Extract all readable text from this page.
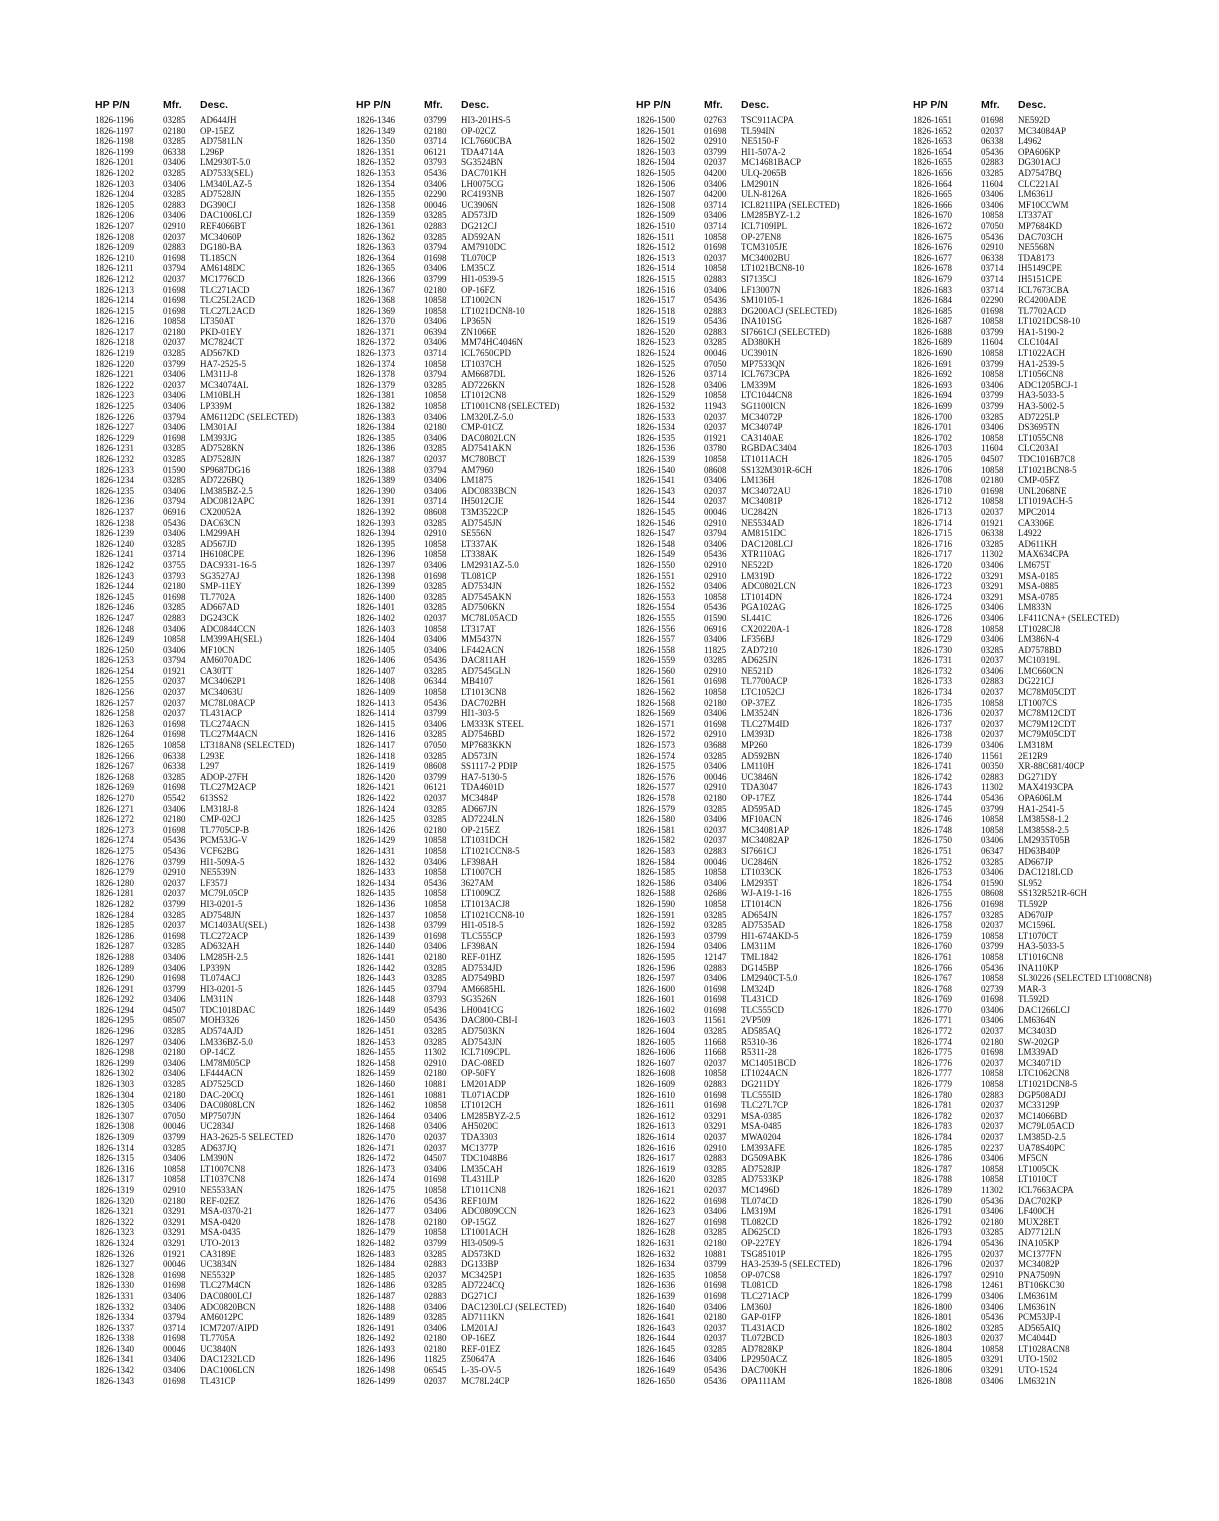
HP P/N	Mfr.	Desc.
1826-1196	03285	AD644JH
1826-1197	02180	OP-15EZ
1826-1198	03285	AD7581LN
1826-1199	06338	L296P
1826-1201	03406	LM2930T-5.0
1826-1202	03285	AD7533(SEL)
1826-1203	03406	LM340LAZ-5
1826-1204	03285	AD7528JN
1826-1205	02883	DG390CJ
1826-1206	03406	DAC1006LCJ
1826-1207	02910	REF4066BT
1826-1208	02037	MC34060P
1826-1209	02883	DG180-BA
1826-1210	01698	TL185CN
1826-1211	03794	AM6148DC
1826-1212	02037	MC1776CD
1826-1213	01698	TLC271ACD
1826-1214	01698	TLC25L2ACD
1826-1215	01698	TLC27L2ACD
1826-1216	10858	LT350AT
1826-1217	02180	PKD-01EY
1826-1218	02037	MC7824CT
1826-1219	03285	AD567KD
1826-1220	03799	HA7-2525-5
1826-1221	03406	LM311J-8
1826-1222	02037	MC34074AL
1826-1223	03406	LM10BLH
1826-1225	03406	LP339M
1826-1226	03794	AM6112DC (SELECTED)
1826-1227	03406	LM301AJ
1826-1229	01698	LM393JG
1826-1231	03285	AD7528KN
1826-1232	03285	AD7528JN
1826-1233	01590	SP9687DG16
1826-1234	03285	AD7226BQ
1826-1235	03406	LM385BZ-2.5
1826-1236	03794	ADC0812APC
1826-1237	06916	CX20052A
1826-1238	05436	DAC63CN
1826-1239	03406	LM299AH
1826-1240	03285	AD567JD
1826-1241	03714	IH6108CPE
1826-1242	03755	DAC9331-16-5
1826-1243	03793	SG3527AJ
1826-1244	02180	SMP-11EY
1826-1245	01698	TL7702A
1826-1246	03285	AD667AD
1826-1247	02883	DG243CK
1826-1248	03406	ADC0844CCN
1826-1249	10858	LM399AH(SEL)
1826-1250	03406	MF10CN
1826-1253	03794	AM6070ADC
1826-1254	01921	CA30TT
1826-1255	02037	MC34062P1
1826-1256	02037	MC34063U
1826-1257	02037	MC78L08ACP
1826-1258	02037	TL431ACP
1826-1263	01698	TLC274ACN
1826-1264	01698	TLC27M4ACN
1826-1265	10858	LT318AN8 (SELECTED)
1826-1266	06338	L293E
1826-1267	06338	L297
1826-1268	03285	ADOP-27FH
1826-1269	01698	TLC27M2ACP
1826-1270	05542	613SS2
1826-1271	03406	LM318J-8
1826-1272	02180	CMP-02CJ
1826-1273	01698	TL7705CP-B
1826-1274	05436	PCM53JG-V
1826-1275	05436	VCF62BG
1826-1276	03799	HI1-509A-5
1826-1279	02910	NE5539N
1826-1280	02037	LF357J
1826-1281	02037	MC79L05CP
1826-1282	03799	HI3-0201-5
1826-1284	03285	AD7548JN
1826-1285	02037	MC1403AU(SEL)
1826-1286	01698	TLC272ACP
1826-1287	03285	AD632AH
1826-1288	03406	LM285H-2.5
1826-1289	03406	LP339N
1826-1290	01698	TL074ACJ
1826-1291	03799	HI3-0201-5
1826-1292	03406	LM311N
1826-1294	04507	TDC1018DAC
1826-1295	08507	MOH3326
1826-1296	03285	AD574AJD
1826-1297	03406	LM336BZ-5.0
1826-1298	02180	OP-14CZ
1826-1299	03406	LM78M05CP
1826-1302	03406	LF444ACN
1826-1303	03285	AD7525CD
1826-1304	02180	DAC-20CQ
1826-1305	03406	DAC0808LCN
1826-1307	07050	MP7507JN
1826-1308	00046	UC2834J
1826-1309	03799	HA3-2625-5 SELECTED
1826-1314	03285	AD637JQ
1826-1315	03406	LM390N
1826-1316	10858	LT1007CN8
1826-1317	10858	LT1037CN8
1826-1319	02910	NE5533AN
1826-1320	02180	REF-02EZ
1826-1321	03291	MSA-0370-21
1826-1322	03291	MSA-0420
1826-1323	03291	MSA-0435
1826-1324	03291	UTO-2013
1826-1326	01921	CA3189E
1826-1327	00046	UC3834N
1826-1328	01698	NE5532P
1826-1330	01698	TLC27M4CN
1826-1331	03406	DAC0800LCJ
1826-1332	03406	ADC0820BCN
1826-1334	03794	AM6012PC
1826-1337	03714	ICM7207/AIPD
1826-1338	01698	TL7705A
1826-1340	00046	UC3840N
1826-1341	03406	DAC1232LCD
1826-1342	03406	DAC1006LCN
1826-1343	01698	TL431CP
HP P/N	Mfr.	Desc.
1826-1346	03799	HI3-201HS-5
1826-1349	02180	OP-02CZ
1826-1350	03714	ICL7660CBA
1826-1351	06121	TDA4714A
1826-1352	03793	SG3524BN
1826-1353	05436	DAC701KH
1826-1354	03406	LH0075CG
1826-1355	02290	RC4193NB
1826-1358	00046	UC3906N
1826-1359	03285	AD573JD
1826-1361	02883	DG212CJ
1826-1362	03285	AD592AN
1826-1363	03794	AM7910DC
1826-1364	01698	TL070CP
1826-1365	03406	LM35CZ
1826-1366	03799	HI1-0539-5
1826-1367	02180	OP-16FZ
1826-1368	10858	LT1002CN
1826-1369	10858	LT1021DCN8-10
1826-1370	03406	LP365N
1826-1371	06394	ZN1066E
1826-1372	03406	MM74HC4046N
1826-1373	03714	ICL7650CPD
1826-1374	10858	LT1037CH
1826-1378	03794	AM6687DL
1826-1379	03285	AD7226KN
1826-1381	10858	LT1012CN8
1826-1382	10858	LT1001CN8 (SELECTED)
1826-1383	03406	LM320LZ-5.0
1826-1384	02180	CMP-01CZ
1826-1385	03406	DAC0802LCN
1826-1386	03285	AD7541AKN
1826-1387	02037	MC780BCT
1826-1388	03794	AM7960
1826-1389	03406	LM1875
1826-1390	03406	ADC0833BCN
1826-1391	03714	IH5012CJE
1826-1392	08608	T3M3522CP
1826-1393	03285	AD7545JN
1826-1394	02910	SE556N
1826-1395	10858	LT337AK
1826-1396	10858	LT338AK
1826-1397	03406	LM2931AZ-5.0
1826-1398	01698	TL081CP
1826-1399	03285	AD7534JN
1826-1400	03285	AD7545AKN
1826-1401	03285	AD7506KN
1826-1402	02037	MC78L05ACD
1826-1403	10858	LT317AT
1826-1404	03406	MM5437N
1826-1405	03406	LF442ACN
1826-1406	05436	DAC811AH
1826-1407	03285	AD7545GLN
1826-1408	06344	MB4107
1826-1409	10858	LT1013CN8
1826-1413	05436	DAC702BH
1826-1414	03799	HI1-303-5
1826-1415	03406	LM333K STEEL
1826-1416	03285	AD7546BD
1826-1417	07050	MP7683KKN
1826-1418	03285	AD573JN
1826-1419	08608	SS1117-2 PDIP
1826-1420	03799	HA7-5130-5
1826-1421	06121	TDA4601D
1826-1422	02037	MC3484P
1826-1424	03285	AD667JN
1826-1425	03285	AD7224LN
1826-1426	02180	OP-215EZ
1826-1429	10858	LT1031DCH
1826-1431	10858	LT1021CCN8-5
1826-1432	03406	LF398AH
1826-1433	10858	LT1007CH
1826-1434	05436	3627AM
1826-1435	10858	LT1009CZ
1826-1436	10858	LT1013ACJ8
1826-1437	10858	LT1021CCN8-10
1826-1438	03799	HI1-0518-5
1826-1439	01698	TLC555CP
1826-1440	03406	LF398AN
1826-1441	02180	REF-01HZ
1826-1442	03285	AD7534JD
1826-1443	03285	AD7549BD
1826-1445	03794	AM6685HL
1826-1448	03793	SG3526N
1826-1449	05436	LH0041CG
1826-1450	05436	DAC800-CBI-I
1826-1451	03285	AD7503KN
1826-1453	03285	AD7543JN
1826-1455	11302	ICL7109CPL
1826-1458	02910	DAC-08ED
1826-1459	02180	OP-50FY
1826-1460	10881	LM201ADP
1826-1461	10881	TL071ACDP
1826-1462	10858	LT1012CH
1826-1464	03406	LM285BYZ-2.5
1826-1468	03406	AH5020C
1826-1470	02037	TDA3303
1826-1471	02037	MC1377P
1826-1472	04507	TDC1048B6
1826-1473	03406	LM35CAH
1826-1474	01698	TL431ILP
1826-1475	10858	LT1011CN8
1826-1476	05436	REF10JM
1826-1477	03406	ADC0809CCN
1826-1478	02180	OP-15GZ
1826-1479	10858	LT1001ACH
1826-1482	03799	HI3-0509-5
1826-1483	03285	AD573KD
1826-1484	02883	DG133BP
1826-1485	02037	MC3425P1
1826-1486	03285	AD7224CQ
1826-1487	02883	DG271CJ
1826-1488	03406	DAC1230LCJ (SELECTED)
1826-1489	03285	AD7111KN
1826-1491	03406	LM201AJ
1826-1492	02180	OP-16EZ
1826-1493	02180	REF-01EZ
1826-1496	11825	Z50647A
1826-1498	06545	L-35-OV-5
1826-1499	02037	MC78L24CP
HP P/N	Mfr.	Desc.
1826-1500	02763	TSC911ACPA
1826-1501	01698	TL594IN
1826-1502	02910	NE5150-F
1826-1503	03799	HI1-507A-2
1826-1504	02037	MC14681BACP
1826-1505	04200	ULQ-2065B
1826-1506	03406	LM2901N
1826-1507	04200	ULN-8126A
1826-1508	03714	ICL8211IPA (SELECTED)
1826-1509	03406	LM285BYZ-1.2
1826-1510	03714	ICL7109IPL
1826-1511	10858	OP-27EN8
1826-1512	01698	TCM3105JE
1826-1513	02037	MC34002BU
1826-1514	10858	LT1021BCN8-10
1826-1515	02883	SI7135CJ
1826-1516	03406	LF13007N
1826-1517	05436	SM10105-1
1826-1518	02883	DG200ACJ (SELECTED)
1826-1519	05436	INA101SG
1826-1520	02883	SI7661CJ (SELECTED)
1826-1523	03285	AD380KH
1826-1524	00046	UC3901N
1826-1525	07050	MP7533QN
1826-1526	03714	ICL7673CPA
1826-1528	03406	LM339M
1826-1529	10858	LTC1044CN8
1826-1532	11943	SG1100ICN
1826-1533	02037	MC34072P
1826-1534	02037	MC34074P
1826-1535	01921	CA3140AE
1826-1536	03780	RGBDAC3404
1826-1539	10858	LT1011ACH
1826-1540	08608	SS132M301R-6CH
1826-1541	03406	LM136H
1826-1543	02037	MC34072AU
1826-1544	02037	MC34081P
1826-1545	00046	UC2842N
1826-1546	02910	NE5534AD
1826-1547	03794	AM8151DC
1826-1548	03406	DAC1208LCJ
1826-1549	05436	XTR110AG
1826-1550	02910	NE522D
1826-1551	02910	LM319D
1826-1552	03406	ADC0802LCN
1826-1553	10858	LT1014DN
1826-1554	05436	PGA102AG
1826-1555	01590	SL441C
1826-1556	06916	CX20220A-1
1826-1557	03406	LF356BJ
1826-1558	11825	ZAD7210
1826-1559	03285	AD625JN
1826-1560	02910	NE521D
1826-1561	01698	TL7700ACP
1826-1562	10858	LTC1052CJ
1826-1568	02180	OP-37EZ
1826-1569	03406	LM3524N
1826-1571	01698	TLC27M4ID
1826-1572	02910	LM393D
1826-1573	03688	MP260
1826-1574	03285	AD592BN
1826-1575	03406	LM110H
1826-1576	00046	UC3846N
1826-1577	02910	TDA3047
1826-1578	02180	OP-17EZ
1826-1579	03285	AD595AD
1826-1580	03406	MF10ACN
1826-1581	02037	MC34081AP
1826-1582	02037	MC34082AP
1826-1583	02883	SI7661CJ
1826-1584	00046	UC2846N
1826-1585	10858	LT1033CK
1826-1586	03406	LM2935T
1826-1588	02686	WJ-A19-1-16
1826-1590	10858	LT1014CN
1826-1591	03285	AD654JN
1826-1592	03285	AD7535AD
1826-1593	03799	HI1-674AKD-5
1826-1594	03406	LM311M
1826-1595	12147	TML1842
1826-1596	02883	DG145BP
1826-1597	03406	LM2940CT-5.0
1826-1600	01698	LM324D
1826-1601	01698	TL431CD
1826-1602	01698	TLC555CD
1826-1603	11561	2VP509
1826-1604	03285	AD585AQ
1826-1605	11668	R5310-36
1826-1606	11668	R5311-28
1826-1607	02037	MC14051BCD
1826-1608	10858	LT1024ACN
1826-1609	02883	DG211DY
1826-1610	01698	TLC555ID
1826-1611	01698	TLC27L7CP
1826-1612	03291	MSA-0385
1826-1613	03291	MSA-0485
1826-1614	02037	MWA0204
1826-1616	02910	LM393AFE
1826-1617	02883	DG509ABK
1826-1619	03285	AD7528JP
1826-1620	03285	AD7533KP
1826-1621	02037	MC1496D
1826-1622	01698	TL074CD
1826-1623	03406	LM319M
1826-1627	01698	TL082CD
1826-1628	03285	AD625CD
1826-1631	02180	OP-227EY
1826-1632	10881	TSG85101P
1826-1634	03799	HA3-2539-5 (SELECTED)
1826-1635	10858	OP-07CS8
1826-1636	01698	TL081CD
1826-1639	01698	TLC271ACP
1826-1640	03406	LM360J
1826-1641	02180	GAP-01FP
1826-1643	02037	TL431ACD
1826-1644	02037	TL072BCD
1826-1645	03285	AD7828KP
1826-1646	03406	LP2950ACZ
1826-1649	05436	DAC700KH
1826-1650	05436	OPA111AM
HP P/N	Mfr.	Desc.
1826-1651	01698	NE592D
1826-1652	02037	MC34084AP
1826-1653	06338	L4962
1826-1654	05436	OPA606KP
1826-1655	02883	DG301ACJ
1826-1656	03285	AD7547BQ
1826-1664	11604	CLC221AI
1826-1665	03406	LM6361J
1826-1666	03406	MF10CCWM
1826-1670	10858	LT337AT
1826-1672	07050	MP7684KD
1826-1675	05436	DAC703CH
1826-1676	02910	NE5568N
1826-1677	06338	TDA8173
1826-1678	03714	IH5149CPE
1826-1679	03714	IH5151CPE
1826-1683	03714	ICL7673CBA
1826-1684	02290	RC4200ADE
1826-1685	01698	TL7702ACD
1826-1687	10858	LT1021DCS8-10
1826-1688	03799	HA1-5190-2
1826-1689	11604	CLC104AI
1826-1690	10858	LT1022ACH
1826-1691	03799	HA1-2539-5
1826-1692	10858	LT1056CN8
1826-1693	03406	ADC1205BCJ-1
1826-1694	03799	HA3-5033-5
1826-1699	03799	HA3-5002-5
1826-1700	03285	AD7225LP
1826-1701	03406	DS3695TN
1826-1702	10858	LT1055CN8
1826-1703	11604	CLC203AI
1826-1705	04507	TDC1016B7C8
1826-1706	10858	LT1021BCN8-5
1826-1708	02180	CMP-05FZ
1826-1710	01698	UNL2068NE
1826-1712	10858	LT1019ACH-5
1826-1713	02037	MPC2014
1826-1714	01921	CA3306E
1826-1715	06338	L4922
1826-1716	03285	AD611KH
1826-1717	11302	MAX634CPA
1826-1720	03406	LM675T
1826-1722	03291	MSA-0185
1826-1723	03291	MSA-0885
1826-1724	03291	MSA-0785
1826-1725	03406	LM833N
1826-1726	03406	LF411CNA+ (SELECTED)
1826-1728	10858	LT1028CJ8
1826-1729	03406	LM386N-4
1826-1730	03285	AD7578BD
1826-1731	02037	MC10319L
1826-1732	03406	LMC660CN
1826-1733	02883	DG221CJ
1826-1734	02037	MC78M05CDT
1826-1735	10858	LT1007CS
1826-1736	02037	MC78M12CDT
1826-1737	02037	MC79M12CDT
1826-1738	02037	MC79M05CDT
1826-1739	03406	LM318M
1826-1740	11561	2E12R9
1826-1741	00350	XR-88C681/40CP
1826-1742	02883	DG271DY
1826-1743	11302	MAX4193CPA
1826-1744	05436	OPA606LM
1826-1745	03799	HA1-2541-5
1826-1746	10858	LM385S8-1.2
1826-1748	10858	LM385S8-2.5
1826-1750	03406	LM2935T05B
1826-1751	06347	HD63B40P
1826-1752	03285	AD667JP
1826-1753	03406	DAC1218LCD
1826-1754	01590	SL952
1826-1755	08608	SS132R521R-6CH
1826-1756	01698	TL592P
1826-1757	03285	AD670JP
1826-1758	02037	MC1596L
1826-1759	10858	LT1070CT
1826-1760	03799	HA3-5033-5
1826-1761	10858	LT1016CN8
1826-1766	05436	INA110KP
1826-1767	10858	SL30226 (SELECTED LT1008CN8)
1826-1768	02739	MAR-3
1826-1769	01698	TL592D
1826-1770	03406	DAC1266LCJ
1826-1771	03406	LM6364N
1826-1772	02037	MC3403D
1826-1774	02180	SW-202GP
1826-1775	01698	LM339AD
1826-1776	02037	MC34071D
1826-1777	10858	LTC1062CN8
1826-1779	10858	LT1021DCN8-5
1826-1780	02883	DGP508ADJ
1826-1781	02037	MC33129P
1826-1782	02037	MC14066BD
1826-1783	02037	MC79L05ACD
1826-1784	02037	LM385D-2.5
1826-1785	02237	UA78S40PC
1826-1786	03406	MF5CN
1826-1787	10858	LT1005CK
1826-1788	10858	LT1010CT
1826-1789	11302	ICL7663ACPA
1826-1790	05436	DAC702KP
1826-1791	03406	LF400CH
1826-1792	02180	MUX28ET
1826-1793	03285	AD7712LN
1826-1794	05436	INA105KP
1826-1795	02037	MC1377FN
1826-1796	02037	MC34082P
1826-1797	02910	PNA7509N
1826-1798	12461	BT106KC30
1826-1799	03406	LM6361M
1826-1800	03406	LM6361N
1826-1801	05436	PCM53JP-I
1826-1802	03285	AD565AIQ
1826-1803	02037	MC4044D
1826-1804	10858	LT1028ACN8
1826-1805	03291	UTO-1502
1826-1806	03291	UTO-1524
1826-1808	03406	LM6321N
